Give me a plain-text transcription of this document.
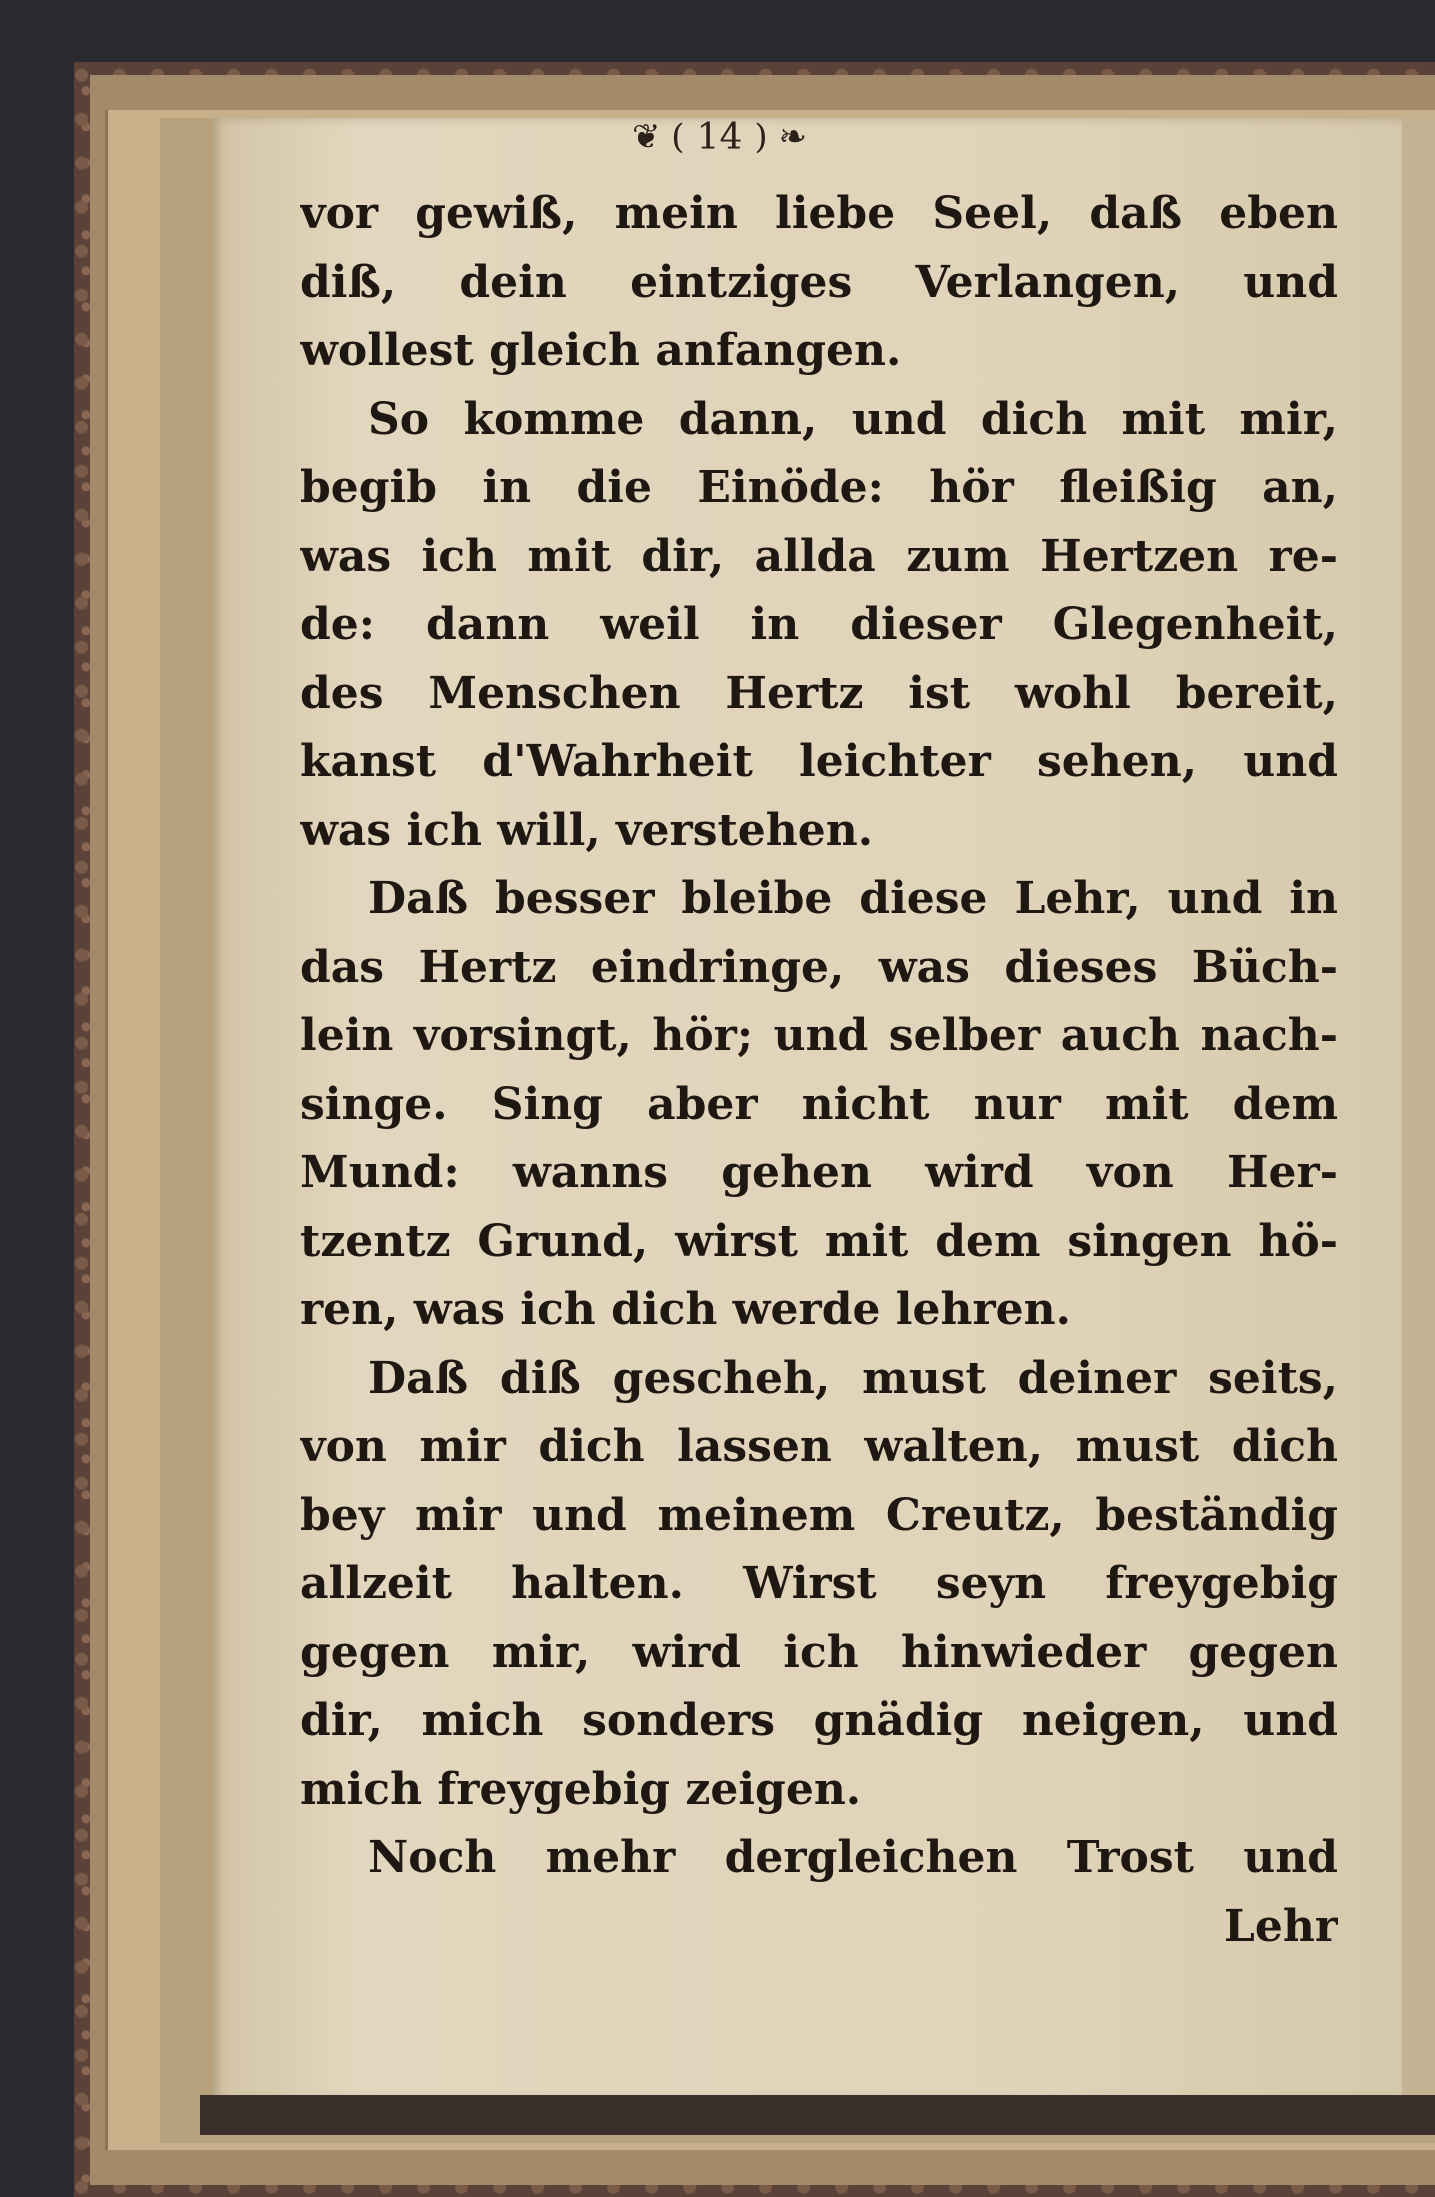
❦ ( 14 ) ❧
vor gewiß, mein liebe Seel, daß eben
diß, dein eintziges Verlangen, und
wollest gleich anfangen.
So komme dann, und dich mit mir,
begib in die Einöde: hör fleißig an,
was ich mit dir, allda zum Hertzen re-
de: dann weil in dieser Glegenheit,
des Menschen Hertz ist wohl bereit,
kanst d'Wahrheit leichter sehen, und
was ich will, verstehen.
Daß besser bleibe diese Lehr, und in
das Hertz eindringe, was dieses Büch-
lein vorsingt, hör; und selber auch nach-
singe. Sing aber nicht nur mit dem
Mund: wanns gehen wird von Her-
tzentz Grund, wirst mit dem singen hö-
ren, was ich dich werde lehren.
Daß diß gescheh, must deiner seits,
von mir dich lassen walten, must dich
bey mir und meinem Creutz, beständig
allzeit halten. Wirst seyn freygebig
gegen mir, wird ich hinwieder gegen
dir, mich sonders gnädig neigen, und
mich freygebig zeigen.
Noch mehr dergleichen Trost und
Lehr
